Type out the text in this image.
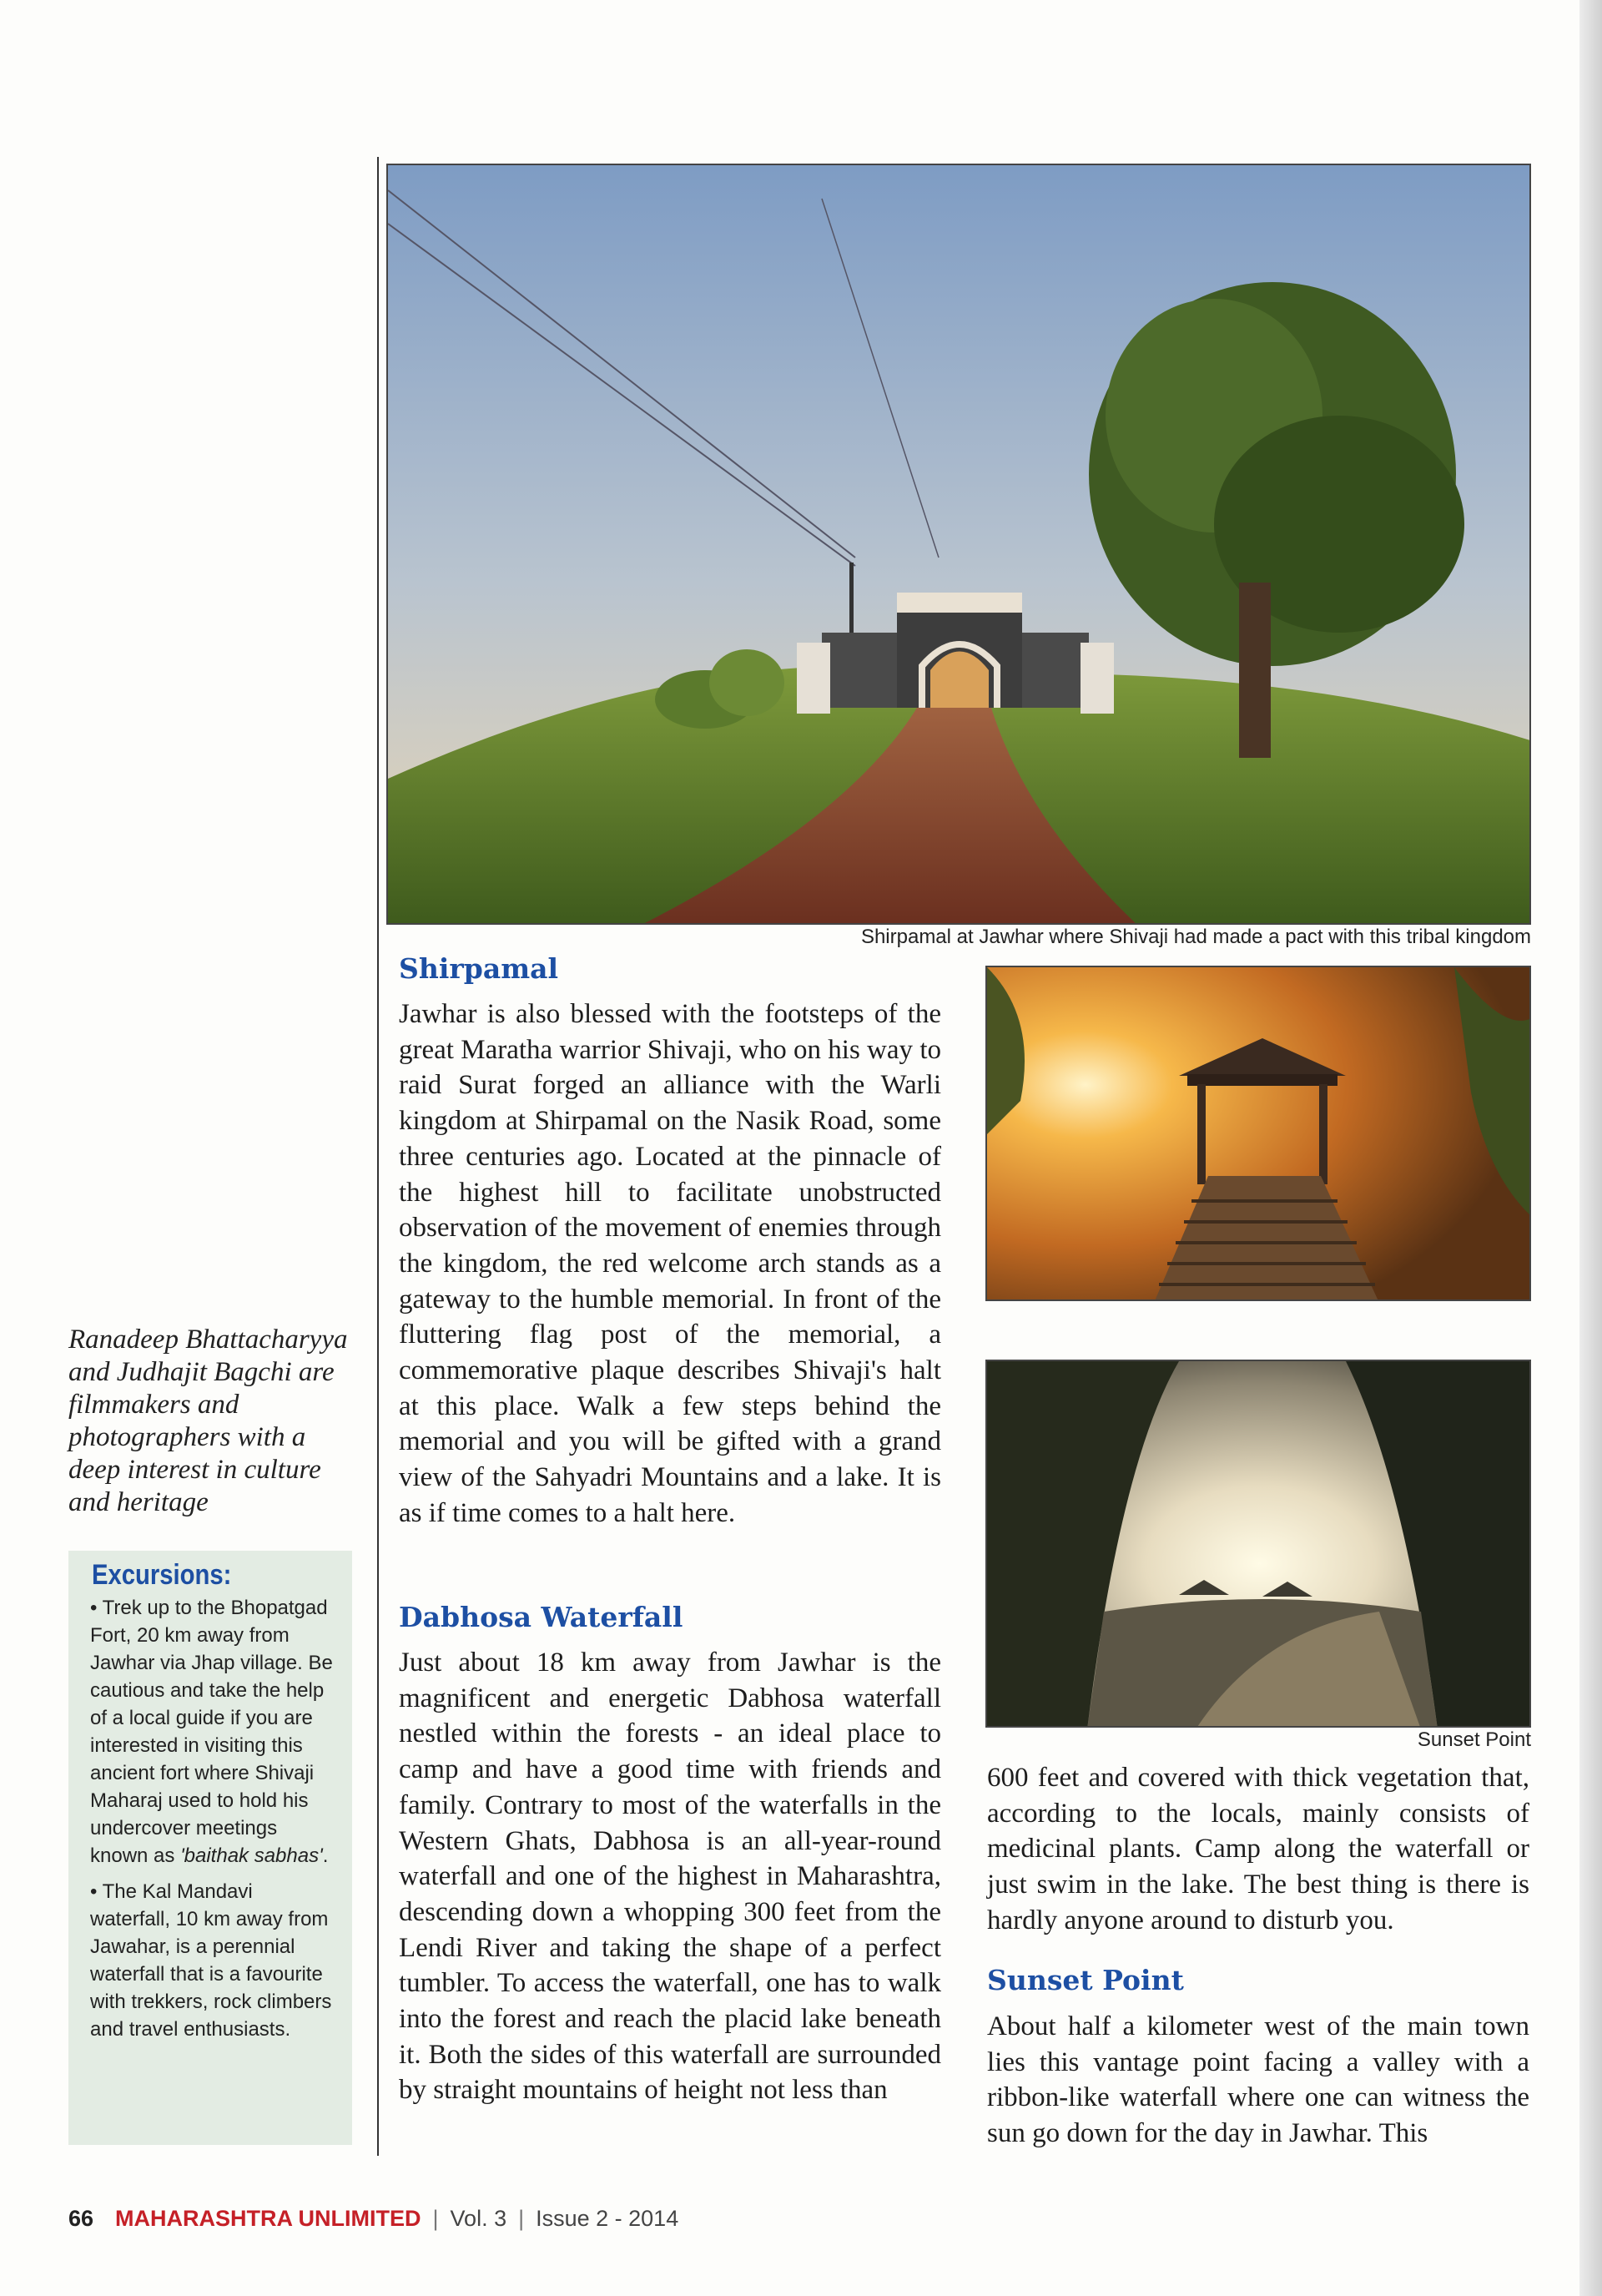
Ranadeep Bhattacharyya and Judhajit Bagchi are filmmakers and photographers with a deep interest in culture and heritage
Excursions:
• Trek up to the Bhopatgad Fort, 20 km away from Jawhar via Jhap village. Be cautious and take the help of a local guide if you are interested in visiting this ancient fort where Shivaji Maharaj used to hold his undercover meetings known as 'baithak sabhas'.
• The Kal Mandavi waterfall, 10 km away from Jawahar, is a perennial waterfall that is a favourite with trekkers, rock climbers and travel enthusiasts.
Shirpamal at Jawhar where Shivaji had made a pact with this tribal kingdom
Sunset Point
Shirpamal
Jawhar is also blessed with the footsteps of the great Maratha warrior Shivaji, who on his way to raid Surat forged an alliance with the Warli kingdom at Shirpamal on the Nasik Road, some three centuries ago. Located at the pinnacle of the highest hill to facilitate unobstructed observation of the movement of enemies through the kingdom, the red welcome arch stands as a gateway to the humble memorial. In front of the fluttering flag post of the memorial, a commemorative plaque describes Shivaji's halt at this place. Walk a few steps behind the memorial and you will be gifted with a grand view of the Sahyadri Mountains and a lake. It is as if time comes to a halt here.
Dabhosa Waterfall
Just about 18 km away from Jawhar is the magnificent and energetic Dabhosa waterfall nestled within the forests - an ideal place to camp and have a good time with friends and family. Contrary to most of the waterfalls in the Western Ghats, Dabhosa is an all-year-round waterfall and one of the highest in Maharashtra, descending down a whopping 300 feet from the Lendi River and taking the shape of a perfect tumbler. To access the waterfall, one has to walk into the forest and reach the placid lake beneath it. Both the sides of this waterfall are surrounded by straight mountains of height not less than
600 feet and covered with thick vegetation that, according to the locals, mainly consists of medicinal plants. Camp along the waterfall or just swim in the lake. The best thing is there is hardly anyone around to disturb you.
Sunset Point
About half a kilometer west of the main town lies this vantage point facing a valley with a ribbon-like waterfall where one can witness the sun go down for the day in Jawhar. This
66 MAHARASHTRA UNLIMITED | Vol. 3 | Issue 2 - 2014
